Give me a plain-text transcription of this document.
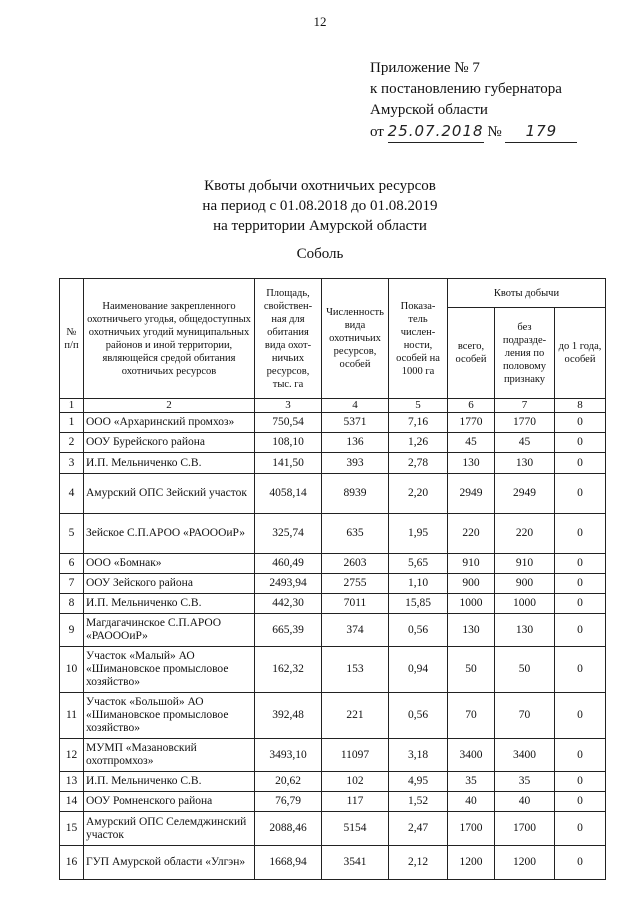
12
Приложение № 7
к постановлению губернатора
Амурской области
от 25.07.2018 № 179
Квоты добычи охотничьих ресурсов
на период с 01.08.2018 до 01.08.2019
на территории Амурской области
Соболь
№ п/п	Наименование закрепленного охотничьего угодья, общедоступных охотничьих угодий муниципальных районов и иной территории, являющейся средой обитания охотничьих ресурсов	Площадь, свойствен-ная для обитания вида охот-ничьих ресурсов, тыс. га	Численность вида охотничьих ресурсов, особей	Показа-тель числен-ности, особей на 1000 га	Квоты добычи		
					всего, особей	без подразде-ления по половому признаку	до 1 года, особей
1	2	3	4	5	6	7	8
1	ООО «Архаринский промхоз»	750,54	5371	7,16	1770	1770	0
2	ООУ Бурейского района	108,10	136	1,26	45	45	0
3	И.П. Мельниченко С.В.	141,50	393	2,78	130	130	0
4	Амурский ОПС Зейский участок	4058,14	8939	2,20	2949	2949	0
5	Зейское С.П.АРОО «РАОООиР»	325,74	635	1,95	220	220	0
6	ООО «Бомнак»	460,49	2603	5,65	910	910	0
7	ООУ Зейского района	2493,94	2755	1,10	900	900	0
8	И.П. Мельниченко С.В.	442,30	7011	15,85	1000	1000	0
9	Магдагачинское С.П.АРОО «РАОООиР»	665,39	374	0,56	130	130	0
10	Участок «Малый» АО «Шимановское промысловое хозяйство»	162,32	153	0,94	50	50	0
11	Участок «Большой» АО «Шимановское промысловое хозяйство»	392,48	221	0,56	70	70	0
12	МУМП «Мазановский охотпромхоз»	3493,10	11097	3,18	3400	3400	0
13	И.П. Мельниченко С.В.	20,62	102	4,95	35	35	0
14	ООУ Ромненского района	76,79	117	1,52	40	40	0
15	Амурский ОПС Селемджинский участок	2088,46	5154	2,47	1700	1700	0
16	ГУП Амурской области «Улгэн»	1668,94	3541	2,12	1200	1200	0
